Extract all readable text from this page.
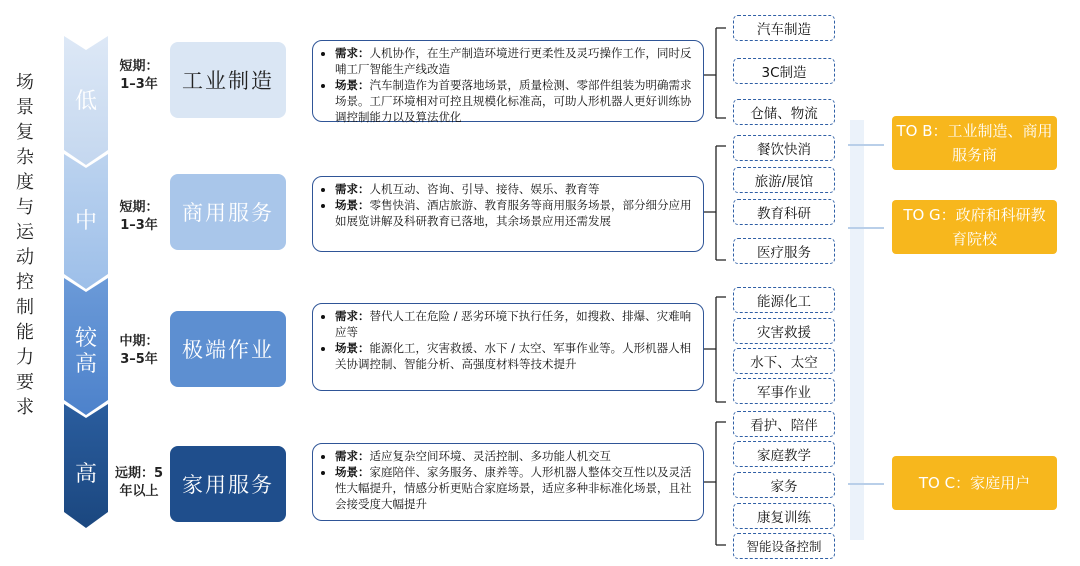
场景复杂度与运动控制能力要求
低
中
较高
高
短期：
1–3年
短期：
1–3年
中期：
3–5年
远期：5
年以上
工业制造
商用服务
极端作业
家用服务
• 需求：人机协作，在生产制造环境进行更柔性及灵巧操作工作，同时反哺工厂智能生产线改造
• 场景：汽车制造作为首要落地场景，质量检测、零部件组装为明确需求场景。工厂环境相对可控且规模化标准高，可助人形机器人更好训练协调控制能力以及算法优化
• 需求：人机互动、咨询、引导、接待、娱乐、教育等
• 场景：零售快消、酒店旅游、教育服务等商用服务场景，部分细分应用如展览讲解及科研教育已落地，其余场景应用还需发展
• 需求：替代人工在危险 / 恶劣环境下执行任务，如搜救、排爆、灾难响应等
• 场景：能源化工，灾害救援、水下 / 太空、军事作业等。人形机器人相关协调控制、智能分析、高强度材料等技术提升
• 需求：适应复杂空间环境、灵活控制、多功能人机交互
• 场景：家庭陪伴、家务服务、康养等。人形机器人整体交互性以及灵活性大幅提升，情感分析更贴合家庭场景，适应多种非标准化场景，且社会接受度大幅提升
汽车制造
3C制造
仓储、物流
餐饮快消
旅游/展馆
教育科研
医疗服务
能源化工
灾害救援
水下、太空
军事作业
看护、陪伴
家庭教学
家务
康复训练
智能设备控制
TO B：工业制造、商用服务商
TO G：政府和科研教育院校
TO C：家庭用户
